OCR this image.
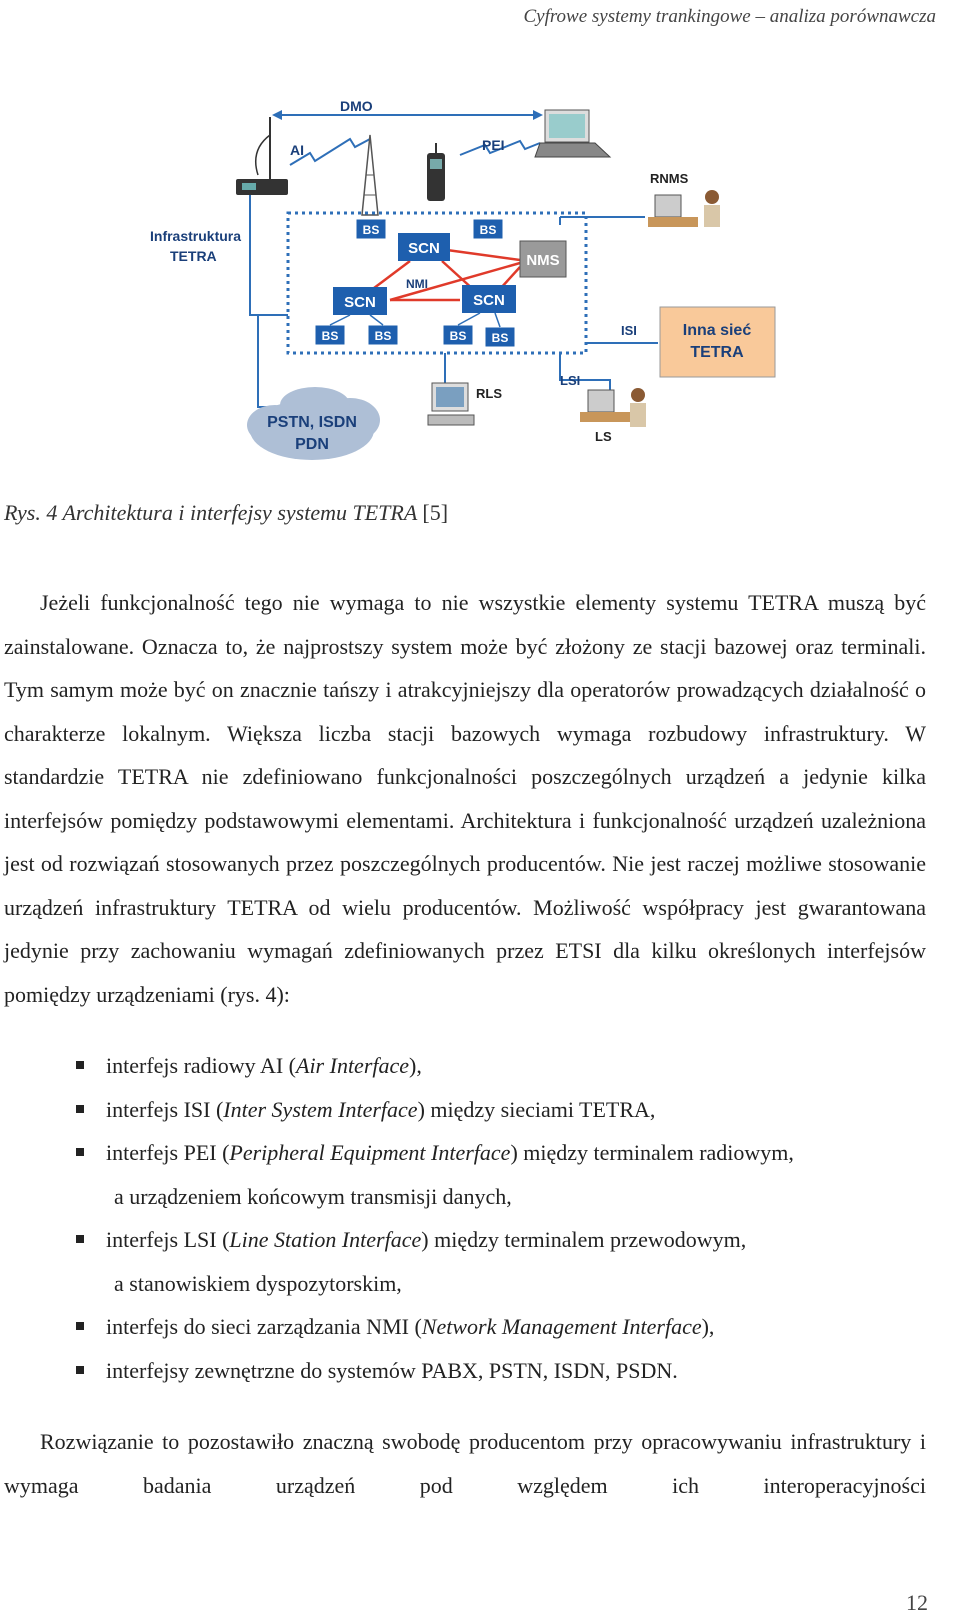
Cyfrowe systemy trankingowe – analiza porównawcza
DMO
AI	PEI
RNMS
Infrastruktura
TETRA
NMI
BS	BS
SCN
NMS
SCN	SCN
BS	BS	BS BS	ISI	Inna sieć
TETRA
LSI
LS
RLS
PSTN, ISDN
PDN
Rys. 4 Architektura i interfejsy systemu TETRA [5]
Jeżeli funkcjonalność tego nie wymaga to nie wszystkie elementy systemu TETRA muszą być zainstalowane. Oznacza to, że najprostszy system może być złożony ze stacji bazowej oraz terminali. Tym samym może być on znacznie tańszy i atrakcyjniejszy dla operatorów prowadzących działalność o charakterze lokalnym. Większa liczba stacji bazowych wymaga rozbudowy infrastruktury. W standardzie TETRA nie zdefiniowano funkcjonalności poszczególnych urządzeń a jedynie kilka interfejsów pomiędzy podstawowymi elementami. Architektura i funkcjonalność urządzeń uzależniona jest od rozwiązań stosowanych przez poszczególnych producentów. Nie jest raczej możliwe stosowanie urządzeń infrastruktury TETRA od wielu producentów. Możliwość współpracy jest gwarantowana jedynie przy zachowaniu wymagań zdefiniowanych przez ETSI dla kilku określonych interfejsów pomiędzy urządzeniami (rys. 4):
interfejs radiowy AI (Air Interface),
interfejs ISI (Inter System Interface) między sieciami TETRA,
interfejs PEI (Peripheral Equipment Interface) między terminalem radiowym,
a urządzeniem końcowym transmisji danych,
interfejs LSI (Line Station Interface) między terminalem przewodowym,
a stanowiskiem dyspozytorskim,
interfejs do sieci zarządzania NMI (Network Management Interface),
interfejsy zewnętrzne do systemów PABX, PSTN, ISDN, PSDN.
Rozwiązanie to pozostawiło znaczną swobodę producentom przy opracowywaniu infrastruktury i wymaga badania urządzeń pod względem ich interoperacyjności
12
